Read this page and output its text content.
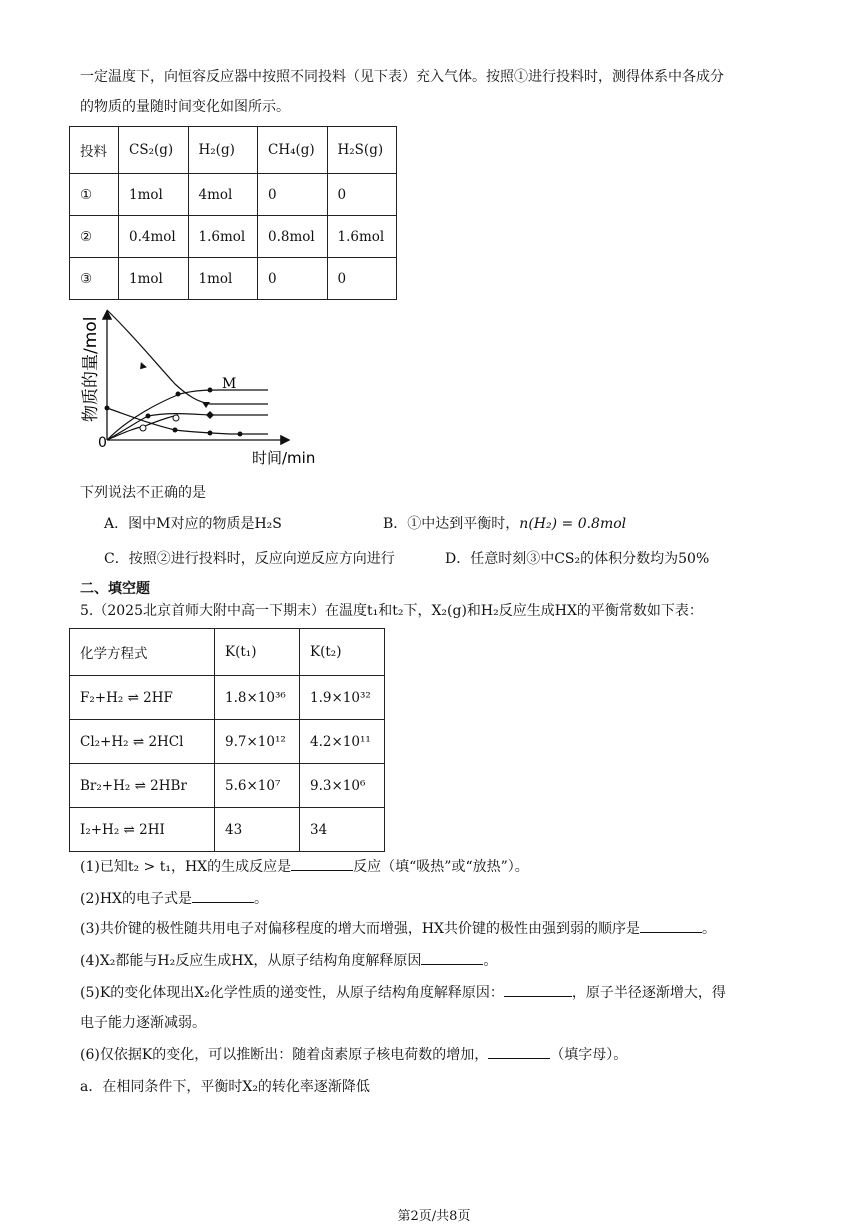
一定温度下，向恒容反应器中按照不同投料（见下表）充入气体。按照①进行投料时，测得体系中各成分
的物质的量随时间变化如图所示。
投料	CS₂(g)	H₂(g)	CH₄(g)	H₂S(g)
①	1mol	4mol	0	0
②	0.4mol	1.6mol	0.8mol	1.6mol
③	1mol	1mol	0	0
物质的量/mol
0
时间/min
M
下列说法不正确的是
A．图中M对应的物质是H₂S	B．①中达到平衡时，n(H₂) = 0.8mol
C．按照②进行投料时，反应向逆反应方向进行	D．任意时刻③中CS₂的体积分数均为50%
二、填空题
5.（2025北京首师大附中高一下期末）在温度t₁和t₂下，X₂(g)和H₂反应生成HX的平衡常数如下表：
化学方程式	K(t₁)	K(t₂)
F₂+H₂ ⇌ 2HF	1.8×10³⁶	1.9×10³²
Cl₂+H₂ ⇌ 2HCl	9.7×10¹²	4.2×10¹¹
Br₂+H₂ ⇌ 2HBr	5.6×10⁷	9.3×10⁶
I₂+H₂ ⇌ 2HI	43	34
(1)已知t₂ > t₁，HX的生成反应是	反应（填“吸热”或“放热”）。
(2)HX的电子式是	。
(3)共价键的极性随共用电子对偏移程度的增大而增强，HX共价键的极性由强到弱的顺序是	。
(4)X₂都能与H₂反应生成HX，从原子结构角度解释原因	。
(5)K的变化体现出X₂化学性质的递变性，从原子结构角度解释原因：	，原子半径逐渐增大，得
电子能力逐渐减弱。
(6)仅依据K的变化，可以推断出：随着卤素原子核电荷数的增加，	（填字母）。
a．在相同条件下，平衡时X₂的转化率逐渐降低
第2页/共8页
